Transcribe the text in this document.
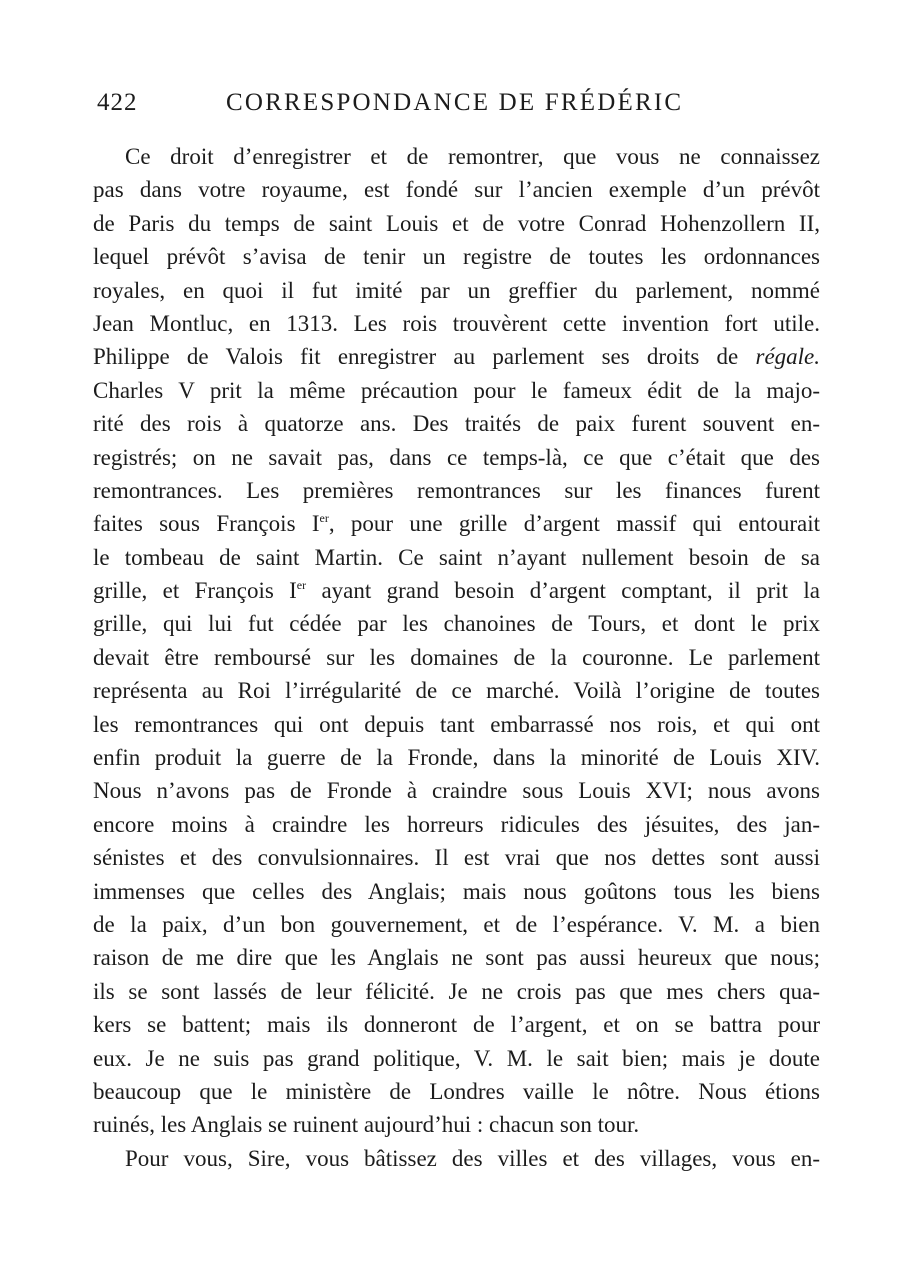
422	CORRESPONDANCE DE FRÉDÉRIC
Ce droit d’enregistrer et de remontrer, que vous ne connaissez
pas dans votre royaume, est fondé sur l’ancien exemple d’un prévôt
de Paris du temps de saint Louis et de votre Conrad Hohenzollern II,
lequel prévôt s’avisa de tenir un registre de toutes les ordonnances
royales, en quoi il fut imité par un greffier du parlement, nommé
Jean Montluc, en 1313. Les rois trouvèrent cette invention fort utile.
Philippe de Valois fit enregistrer au parlement ses droits de régale.
Charles V prit la même précaution pour le fameux édit de la majo-
rité des rois à quatorze ans. Des traités de paix furent souvent en-
registrés; on ne savait pas, dans ce temps-là, ce que c’était que des
remontrances. Les premières remontrances sur les finances furent
faites sous François Ier, pour une grille d’argent massif qui entourait
le tombeau de saint Martin. Ce saint n’ayant nullement besoin de sa
grille, et François Ier ayant grand besoin d’argent comptant, il prit la
grille, qui lui fut cédée par les chanoines de Tours, et dont le prix
devait être remboursé sur les domaines de la couronne. Le parlement
représenta au Roi l’irrégularité de ce marché. Voilà l’origine de toutes
les remontrances qui ont depuis tant embarrassé nos rois, et qui ont
enfin produit la guerre de la Fronde, dans la minorité de Louis XIV.
Nous n’avons pas de Fronde à craindre sous Louis XVI; nous avons
encore moins à craindre les horreurs ridicules des jésuites, des jan-
sénistes et des convulsionnaires. Il est vrai que nos dettes sont aussi
immenses que celles des Anglais; mais nous goûtons tous les biens
de la paix, d’un bon gouvernement, et de l’espérance. V. M. a bien
raison de me dire que les Anglais ne sont pas aussi heureux que nous;
ils se sont lassés de leur félicité. Je ne crois pas que mes chers qua-
kers se battent; mais ils donneront de l’argent, et on se battra pour
eux. Je ne suis pas grand politique, V. M. le sait bien; mais je doute
beaucoup que le ministère de Londres vaille le nôtre. Nous étions
ruinés, les Anglais se ruinent aujourd’hui : chacun son tour.
Pour vous, Sire, vous bâtissez des villes et des villages, vous en-
